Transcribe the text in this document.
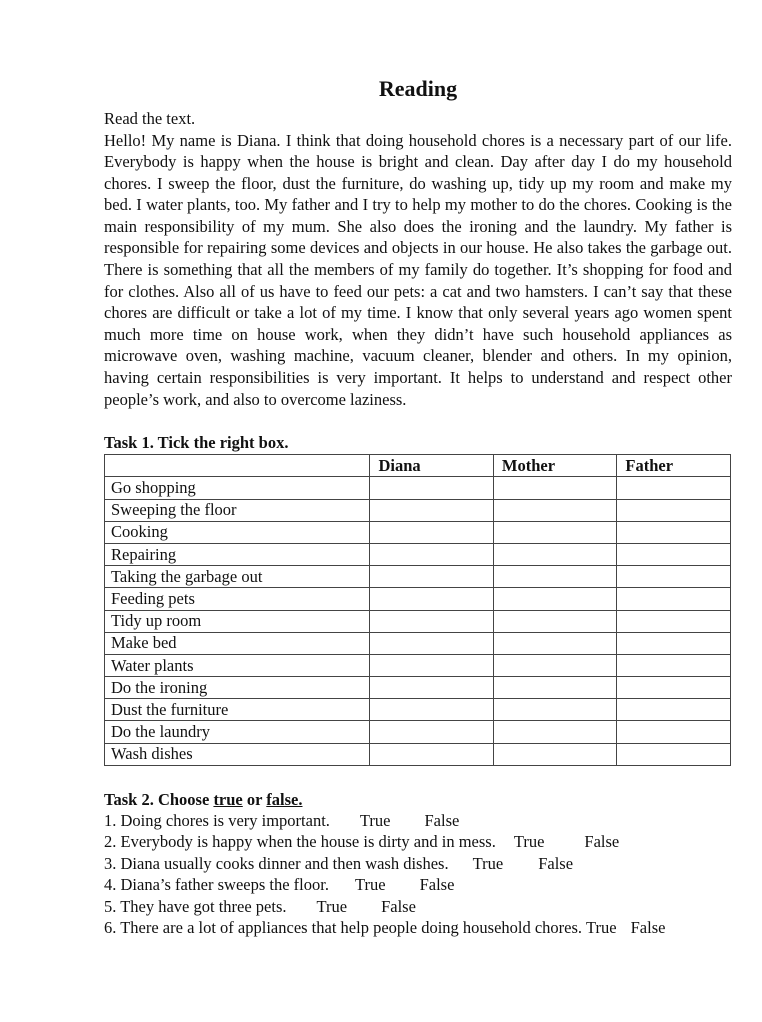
Reading

Read the text.

Hello! My name is Diana. I think that doing household chores is a necessary part of our life. Everybody is happy when the house is bright and clean. Day after day I do my household chores. I sweep the floor, dust the furniture, do washing up, tidy up my room and make my bed. I water plants, too. My father and I try to help my mother to do the chores. Cooking is the main responsibility of my mum. She also does the ironing and the laundry. My father is responsible for repairing some devices and objects in our house. He also takes the garbage out. There is something that all the members of my family do together. It’s shopping for food and for clothes. Also all of us have to feed our pets: a cat and two hamsters. I can’t say that these chores are difficult or take a lot of my time. I know that only several years ago women spent much more time on house work, when they didn’t have such household appliances as microwave oven, washing machine, vacuum cleaner, blender and others. In my opinion, having certain responsibilities is very important. It helps to understand and respect other people’s work, and also to overcome laziness.

Task 1. Tick the right box.

	Diana	Mother	Father
Go shopping			
Sweeping the floor			
Cooking			
Repairing			
Taking the garbage out			
Feeding pets			
Tidy up room			
Make bed			
Water plants			
Do the ironing			
Dust the furniture			
Do the laundry			
Wash dishes			

Task 2. Choose true or false.

1. Doing chores is very important. True False

2. Everybody is happy when the house is dirty and in mess. True False

3. Diana usually cooks dinner and then wash dishes. True False

4. Diana’s father sweeps the floor. True False

5. They have got three pets. True False

6. There are a lot of appliances that help people doing household chores. True False
